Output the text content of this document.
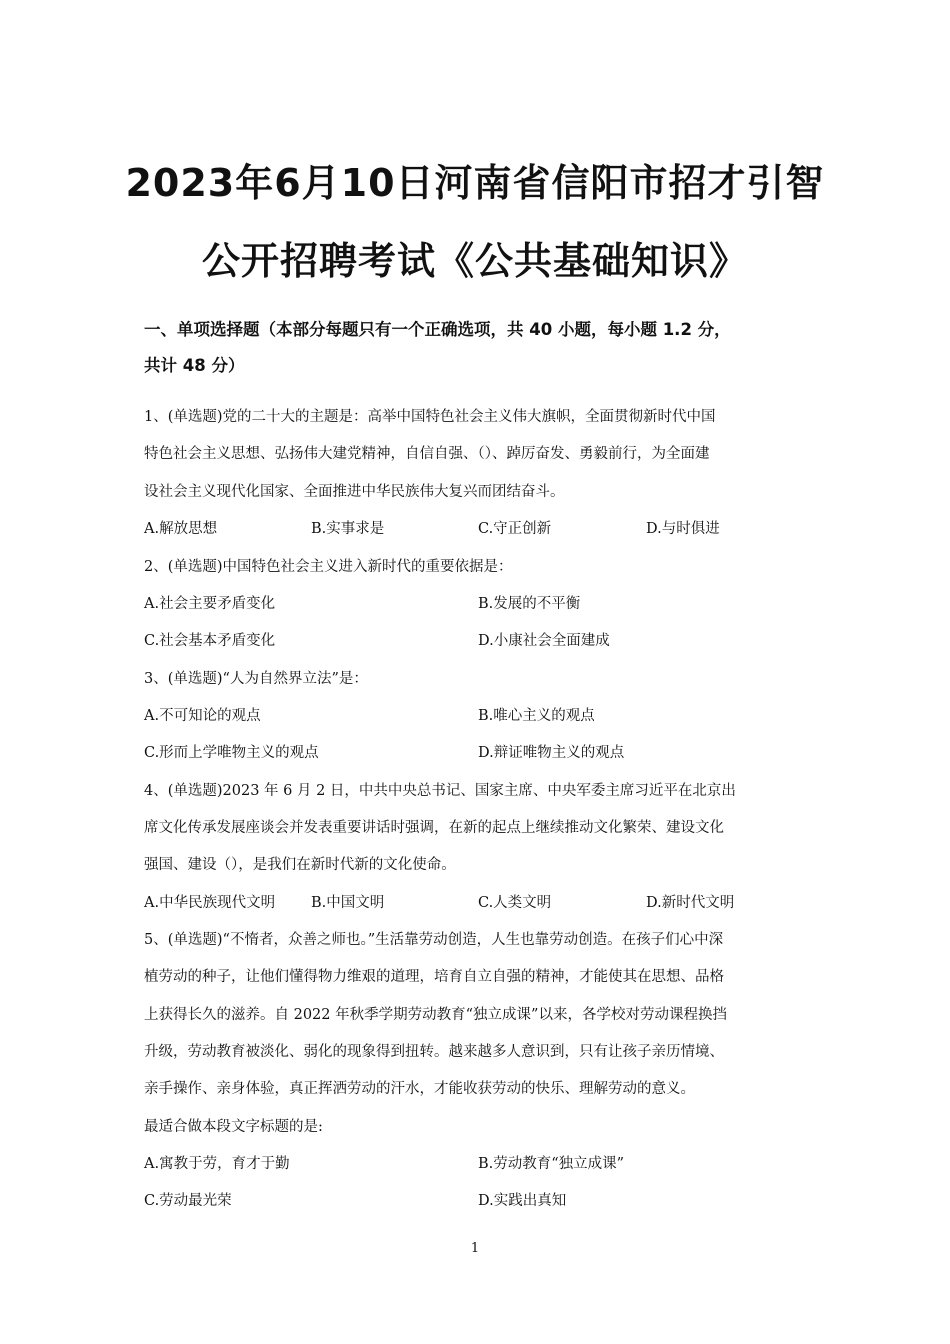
2023年6月10日河南省信阳市招才引智
公开招聘考试《公共基础知识》
一、单项选择题（本部分每题只有一个正确选项，共 40 小题，每小题 1.2 分，
共计 48 分）
1、(单选题)党的二十大的主题是：高举中国特色社会主义伟大旗帜，全面贯彻新时代中国
特色社会主义思想、弘扬伟大建党精神，自信自强、（）、踔厉奋发、勇毅前行，为全面建
设社会主义现代化国家、全面推进中华民族伟大复兴而团结奋斗。
A.解放思想	B.实事求是	C.守正创新	D.与时俱进
2、(单选题)中国特色社会主义进入新时代的重要依据是：
A.社会主要矛盾变化	B.发展的不平衡
C.社会基本矛盾变化	D.小康社会全面建成
3、(单选题)“人为自然界立法”是：
A.不可知论的观点	B.唯心主义的观点
C.形而上学唯物主义的观点	D.辩证唯物主义的观点
4、(单选题)2023 年 6 月 2 日，中共中央总书记、国家主席、中央军委主席习近平在北京出
席文化传承发展座谈会并发表重要讲话时强调，在新的起点上继续推动文化繁荣、建设文化
强国、建设（），是我们在新时代新的文化使命。
A.中华民族现代文明 B.中国文明	C.人类文明	D.新时代文明
5、(单选题)“不惰者，众善之师也。”生活靠劳动创造，人生也靠劳动创造。在孩子们心中深
植劳动的种子，让他们懂得物力维艰的道理，培育自立自强的精神，才能使其在思想、品格
上获得长久的滋养。自 2022 年秋季学期劳动教育“独立成课”以来，各学校对劳动课程换挡
升级，劳动教育被淡化、弱化的现象得到扭转。越来越多人意识到，只有让孩子亲历情境、
亲手操作、亲身体验，真正挥洒劳动的汗水，才能收获劳动的快乐、理解劳动的意义。
最适合做本段文字标题的是:
A.寓教于劳，育才于勤	B.劳动教育“独立成课”
C.劳动最光荣	D.实践出真知
1
